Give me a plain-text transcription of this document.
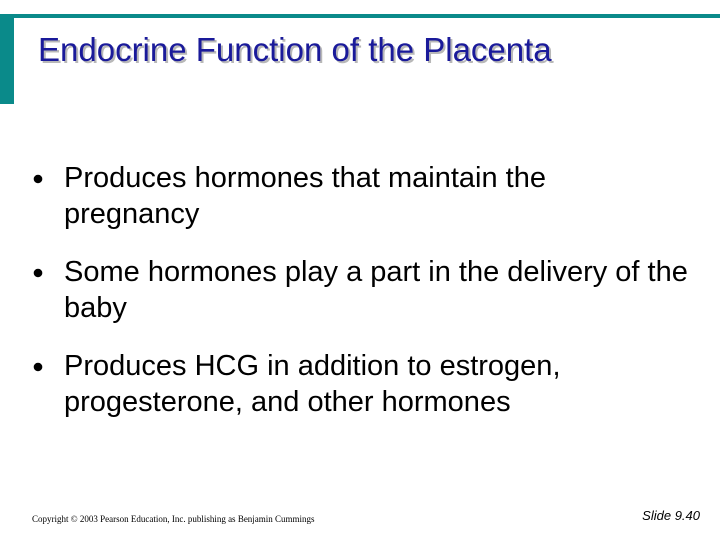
Endocrine Function of the Placenta
⦁ Produces hormones that maintain the pregnancy
⦁ Some hormones play a part in the delivery of the baby
⦁ Produces HCG in addition to estrogen, progesterone, and other hormones
Copyright © 2003 Pearson Education, Inc. publishing as Benjamin Cummings	Slide 9.40
